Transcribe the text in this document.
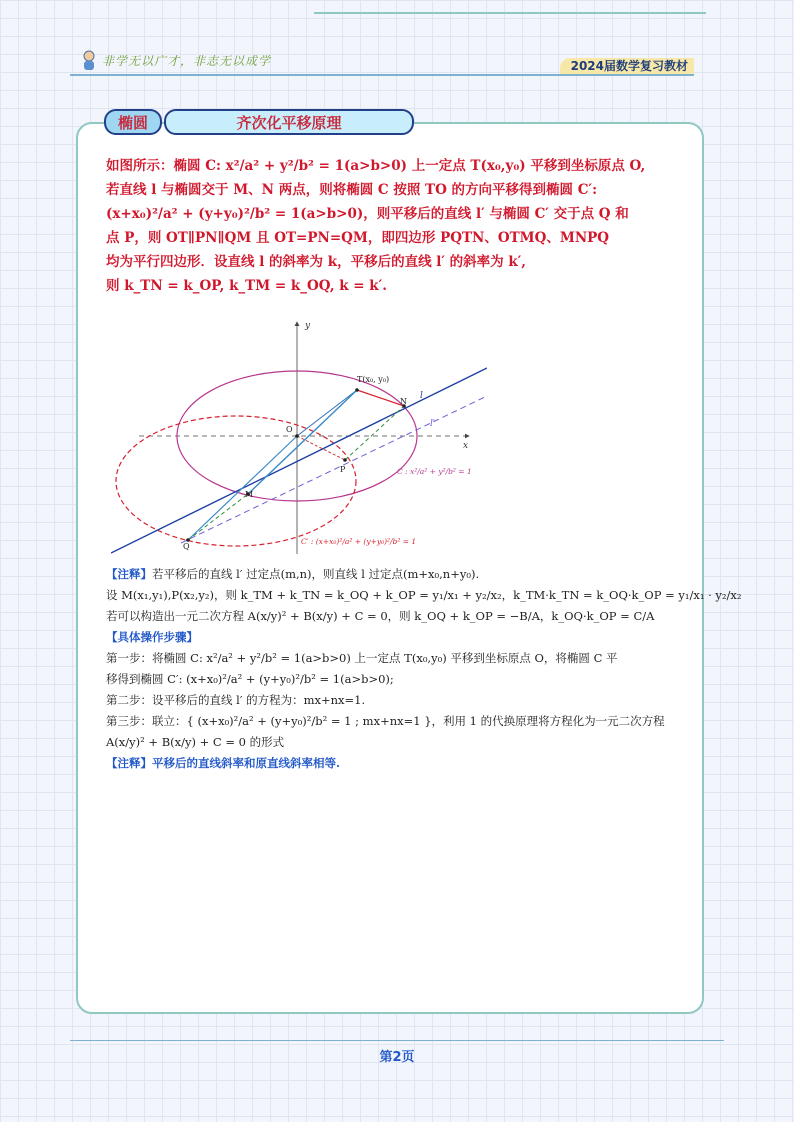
非学无以广才，非志无以成学	2024届数学复习教材
椭圆	齐次化平移原理
如图所示：椭圆 C: x²/a² + y²/b² = 1(a>b>0) 上一定点 T(x₀,y₀) 平移到坐标原点 O,
若直线 l 与椭圆交于 M、N 两点，则将椭圆 C 按照 TO 的方向平移得到椭圆 C′:
(x+x₀)²/a² + (y+y₀)²/b² = 1(a>b>0)，则平移后的直线 l′ 与椭圆 C′ 交于点 Q 和
点 P，则 OT∥PN∥QM 且 OT=PN=QM，即四边形 PQTN、OTMQ、MNPQ
均为平行四边形．设直线 l 的斜率为 k，平移后的直线 l′ 的斜率为 k′,
则 k_TN = k_OP, k_TM = k_OQ, k = k′.
y
x
T(x₀, y₀)
N
l
l′
O
P
M
Q
C : x²/a² + y²/b² = 1
C′ : (x+x₀)²/a² + (y+y₀)²/b² = 1
【注释】若平移后的直线 l′ 过定点(m,n)，则直线 l 过定点(m+x₀,n+y₀).
设 M(x₁,y₁),P(x₂,y₂)，则 k_TM + k_TN = k_OQ + k_OP = y₁/x₁ + y₂/x₂，k_TM·k_TN = k_OQ·k_OP = y₁/x₁ · y₂/x₂
若可以构造出一元二次方程 A(x/y)² + B(x/y) + C = 0，则 k_OQ + k_OP = −B/A，k_OQ·k_OP = C/A
【具体操作步骤】
第一步：将椭圆 C: x²/a² + y²/b² = 1(a>b>0) 上一定点 T(x₀,y₀) 平移到坐标原点 O，将椭圆 C 平
移得到椭圆 C′: (x+x₀)²/a² + (y+y₀)²/b² = 1(a>b>0);
第二步：设平移后的直线 l′ 的方程为：mx+nx=1.
第三步：联立：{ (x+x₀)²/a² + (y+y₀)²/b² = 1 ; mx+nx=1 }，利用 1 的代换原理将方程化为一元二次方程
A(x/y)² + B(x/y) + C = 0 的形式
【注释】平移后的直线斜率和原直线斜率相等.
第2页
